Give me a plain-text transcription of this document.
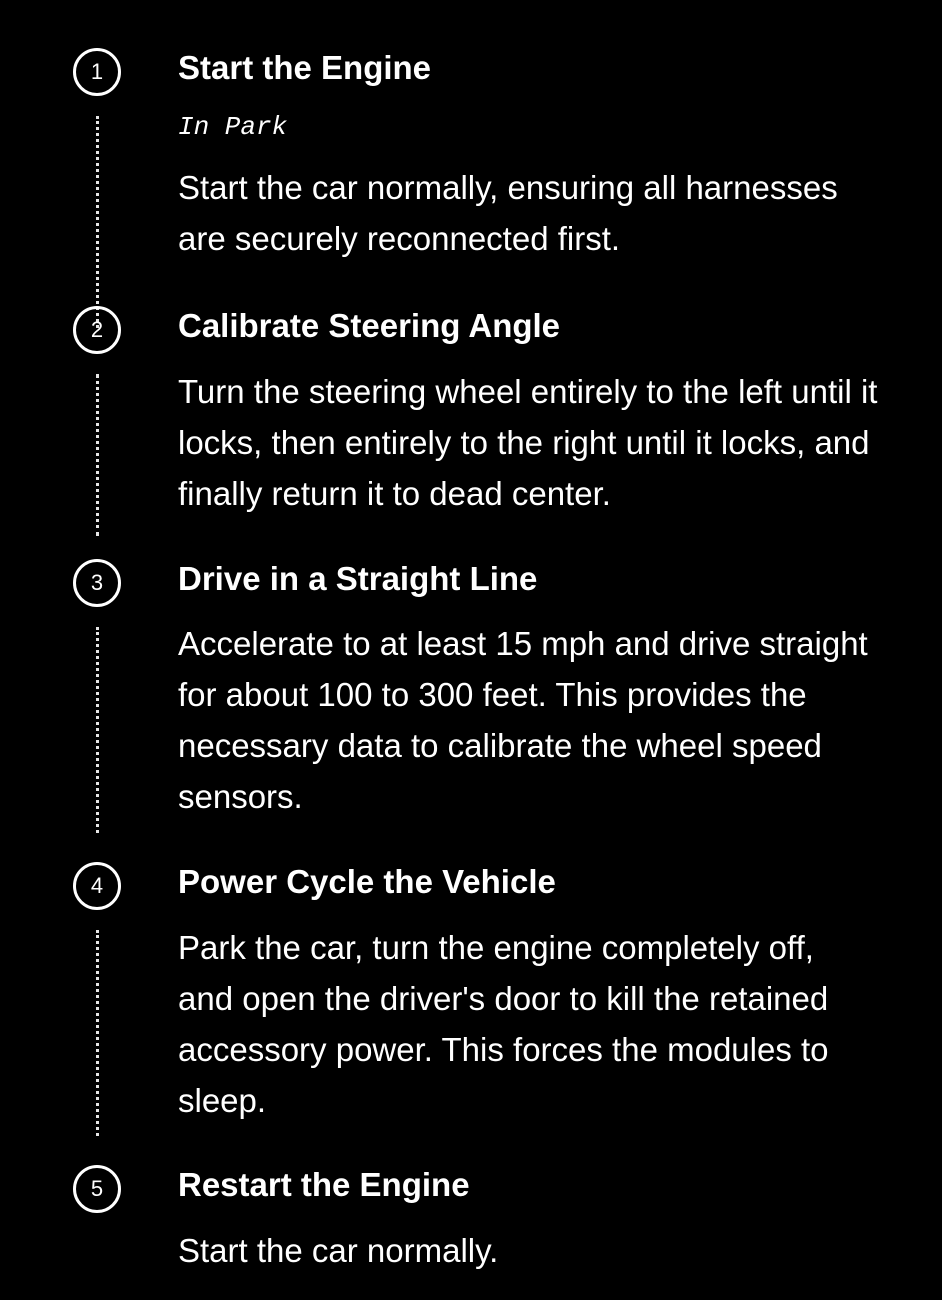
1	Start the Engine
In Park
Start the car normally, ensuring all harnesses are securely reconnected first.
2	Calibrate Steering Angle
Turn the steering wheel entirely to the left until it locks, then entirely to the right until it locks, and finally return it to dead center.
3	Drive in a Straight Line
Accelerate to at least 15 mph and drive straight for about 100 to 300 feet. This provides the necessary data to calibrate the wheel speed sensors.
4	Power Cycle the Vehicle
Park the car, turn the engine completely off, and open the driver's door to kill the retained accessory power. This forces the modules to sleep.
5	Restart the Engine
Start the car normally.
